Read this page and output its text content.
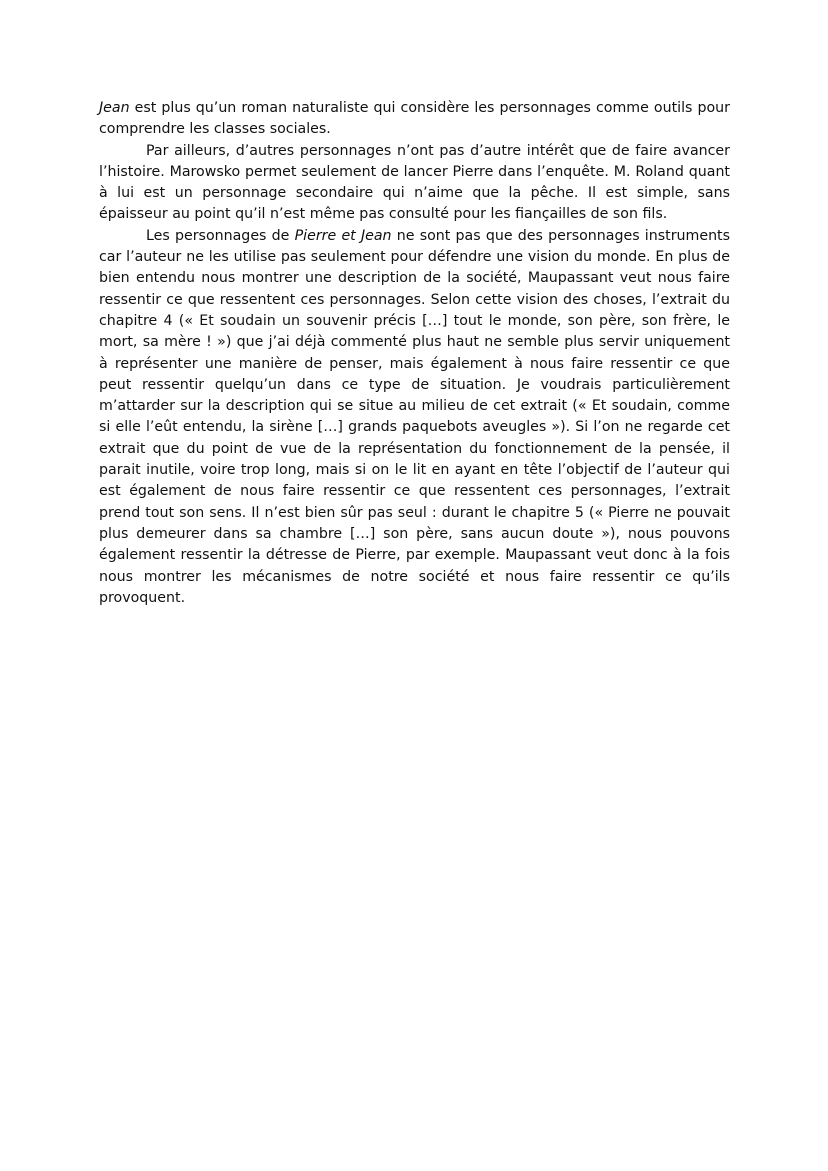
Jean est plus qu’un roman naturaliste qui considère les personnages comme outils pour comprendre les classes sociales.

Par ailleurs, d’autres personnages n’ont pas d’autre intérêt que de faire avancer l’histoire. Marowsko permet seulement de lancer Pierre dans l’enquête. M. Roland quant à lui est un personnage secondaire qui n’aime que la pêche. Il est simple, sans épaisseur au point qu’il n’est même pas consulté pour les fiançailles de son fils.

Les personnages de Pierre et Jean ne sont pas que des personnages instruments car l’auteur ne les utilise pas seulement pour défendre une vision du monde. En plus de bien entendu nous montrer une description de la société, Maupassant veut nous faire ressentir ce que ressentent ces personnages. Selon cette vision des choses, l’extrait du chapitre 4 (« Et soudain un souvenir précis […] tout le monde, son père, son frère, le mort, sa mère ! ») que j’ai déjà commenté plus haut ne semble plus servir uniquement à représenter une manière de penser, mais également à nous faire ressentir ce que peut ressentir quelqu’un dans ce type de situation. Je voudrais particulièrement m’attarder sur la description qui se situe au milieu de cet extrait (« Et soudain, comme si elle l’eût entendu, la sirène […] grands paquebots aveugles »). Si l’on ne regarde cet extrait que du point de vue de la représentation du fonctionnement de la pensée, il parait inutile, voire trop long, mais si on le lit en ayant en tête l’objectif de l’auteur qui est également de nous faire ressentir ce que ressentent ces personnages, l’extrait prend tout son sens. Il n’est bien sûr pas seul : durant le chapitre 5 (« Pierre ne pouvait plus demeurer dans sa chambre […] son père, sans aucun doute »), nous pouvons également ressentir la détresse de Pierre, par exemple. Maupassant veut donc à la fois nous montrer les mécanismes de notre société et nous faire ressentir ce qu’ils provoquent.
